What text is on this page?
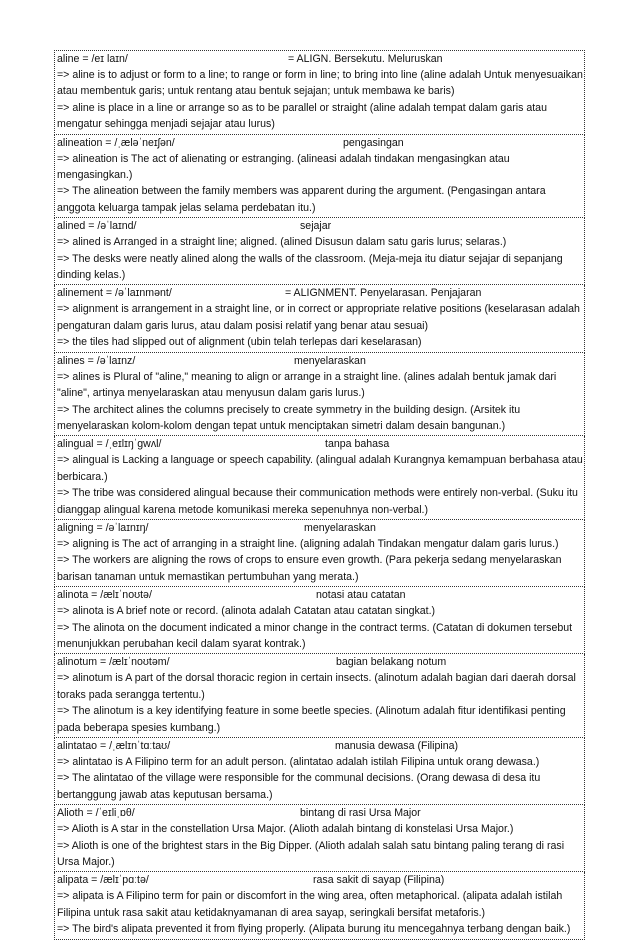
aline = /eɪ laɪn/	= ALIGN. Bersekutu. Meluruskan
=> aline is to adjust or form to a line; to range or form in line; to bring into line (aline adalah Untuk menyesuaikan atau membentuk garis; untuk rentang atau bentuk sejajan; untuk membawa ke baris)
=> aline is place in a line or arrange so as to be parallel or straight (aline adalah tempat dalam garis atau mengatur sehingga menjadi sejajar atau lurus)
alineation = /ˌæləˈneɪʃən/	pengasingan
=> alineation is The act of alienating or estranging. (alineasi adalah tindakan mengasingkan atau mengasingkan.)
=> The alineation between the family members was apparent during the argument. (Pengasingan antara anggota keluarga tampak jelas selama perdebatan itu.)
alined = /əˈlaɪnd/	sejajar
=> alined is Arranged in a straight line; aligned. (alined Disusun dalam satu garis lurus; selaras.)
=> The desks were neatly alined along the walls of the classroom. (Meja-meja itu diatur sejajar di sepanjang dinding kelas.)
alinement = /əˈlaɪnmənt/	= ALIGNMENT. Penyelarasan. Penjajaran
=> alignment is arrangement in a straight line, or in correct or appropriate relative positions (keselarasan adalah pengaturan dalam garis lurus, atau dalam posisi relatif yang benar atau sesuai)
=> the tiles had slipped out of alignment (ubin telah terlepas dari keselarasan)
alines = /əˈlaɪnz/	menyelaraskan
=> alines is Plural of "aline," meaning to align or arrange in a straight line. (alines adalah bentuk jamak dari "aline", artinya menyelaraskan atau menyusun dalam garis lurus.)
=> The architect alines the columns precisely to create symmetry in the building design. (Arsitek itu menyelaraskan kolom-kolom dengan tepat untuk menciptakan simetri dalam desain bangunan.)
alingual = /ˌeɪlɪŋˈgwʌl/	tanpa bahasa
=> alingual is Lacking a language or speech capability. (alingual adalah Kurangnya kemampuan berbahasa atau berbicara.)
=> The tribe was considered alingual because their communication methods were entirely non-verbal. (Suku itu dianggap alingual karena metode komunikasi mereka sepenuhnya non-verbal.)
aligning = /əˈlaɪnɪŋ/	menyelaraskan
=> aligning is The act of arranging in a straight line. (aligning adalah Tindakan mengatur dalam garis lurus.)
=> The workers are aligning the rows of crops to ensure even growth. (Para pekerja sedang menyelaraskan barisan tanaman untuk memastikan pertumbuhan yang merata.)
alinota = /ælɪˈnoʊtə/	notasi atau catatan
=> alinota is A brief note or record. (alinota adalah Catatan atau catatan singkat.)
=> The alinota on the document indicated a minor change in the contract terms. (Catatan di dokumen tersebut menunjukkan perubahan kecil dalam syarat kontrak.)
alinotum = /ælɪˈnoʊtəm/	bagian belakang notum
=> alinotum is A part of the dorsal thoracic region in certain insects. (alinotum adalah bagian dari daerah dorsal toraks pada serangga tertentu.)
=> The alinotum is a key identifying feature in some beetle species. (Alinotum adalah fitur identifikasi penting pada beberapa spesies kumbang.)
alintatao = /ˌælɪnˈtɑːtaʊ/	manusia dewasa (Filipina)
=> alintatao is A Filipino term for an adult person. (alintatao adalah istilah Filipina untuk orang dewasa.)
=> The alintatao of the village were responsible for the communal decisions. (Orang dewasa di desa itu bertanggung jawab atas keputusan bersama.)
Alioth = /ˈeɪliˌɒθ/	bintang di rasi Ursa Major
=> Alioth is A star in the constellation Ursa Major. (Alioth adalah bintang di konstelasi Ursa Major.)
=> Alioth is one of the brightest stars in the Big Dipper. (Alioth adalah salah satu bintang paling terang di rasi Ursa Major.)
alipata = /ælɪˈpɑːtə/	rasa sakit di sayap (Filipina)
=> alipata is A Filipino term for pain or discomfort in the wing area, often metaphorical. (alipata adalah istilah Filipina untuk rasa sakit atau ketidaknyamanan di area sayap, seringkali bersifat metaforis.)
=> The bird's alipata prevented it from flying properly. (Alipata burung itu mencegahnya terbang dengan baik.)
